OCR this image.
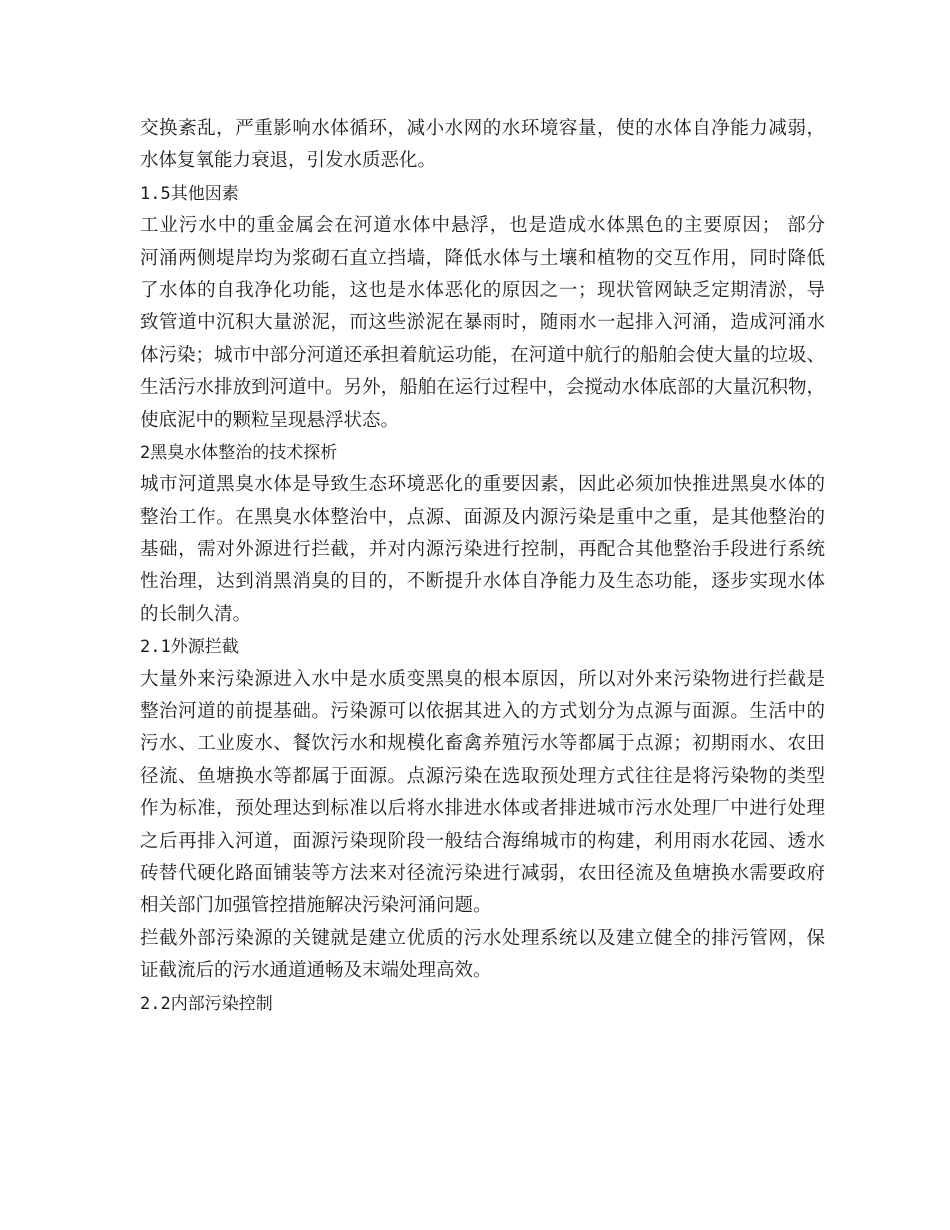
交换紊乱，严重影响水体循环，减小水网的水环境容量，使的水体自净能力减弱，
水体复氧能力衰退，引发水质恶化。
1.5其他因素
工业污水中的重金属会在河道水体中悬浮，也是造成水体黑色的主要原因； 部分
河涌两侧堤岸均为浆砌石直立挡墙，降低水体与土壤和植物的交互作用，同时降低
了水体的自我净化功能，这也是水体恶化的原因之一；现状管网缺乏定期清淤，导
致管道中沉积大量淤泥，而这些淤泥在暴雨时，随雨水一起排入河涌，造成河涌水
体污染；城市中部分河道还承担着航运功能，在河道中航行的船舶会使大量的垃圾、
生活污水排放到河道中。另外，船舶在运行过程中，会搅动水体底部的大量沉积物，
使底泥中的颗粒呈现悬浮状态。
2黑臭水体整治的技术探析
城市河道黑臭水体是导致生态环境恶化的重要因素，因此必须加快推进黑臭水体的
整治工作。在黑臭水体整治中，点源、面源及内源污染是重中之重，是其他整治的
基础，需对外源进行拦截，并对内源污染进行控制，再配合其他整治手段进行系统
性治理，达到消黑消臭的目的，不断提升水体自净能力及生态功能，逐步实现水体
的长制久清。
2.1外源拦截
大量外来污染源进入水中是水质变黑臭的根本原因，所以对外来污染物进行拦截是
整治河道的前提基础。污染源可以依据其进入的方式划分为点源与面源。生活中的
污水、工业废水、餐饮污水和规模化畜禽养殖污水等都属于点源；初期雨水、农田
径流、鱼塘换水等都属于面源。点源污染在选取预处理方式往往是将污染物的类型
作为标准，预处理达到标准以后将水排进水体或者排进城市污水处理厂中进行处理
之后再排入河道，面源污染现阶段一般结合海绵城市的构建，利用雨水花园、透水
砖替代硬化路面铺装等方法来对径流污染进行减弱，农田径流及鱼塘换水需要政府
相关部门加强管控措施解决污染河涌问题。
拦截外部污染源的关键就是建立优质的污水处理系统以及建立健全的排污管网，保
证截流后的污水通道通畅及末端处理高效。
2.2内部污染控制
